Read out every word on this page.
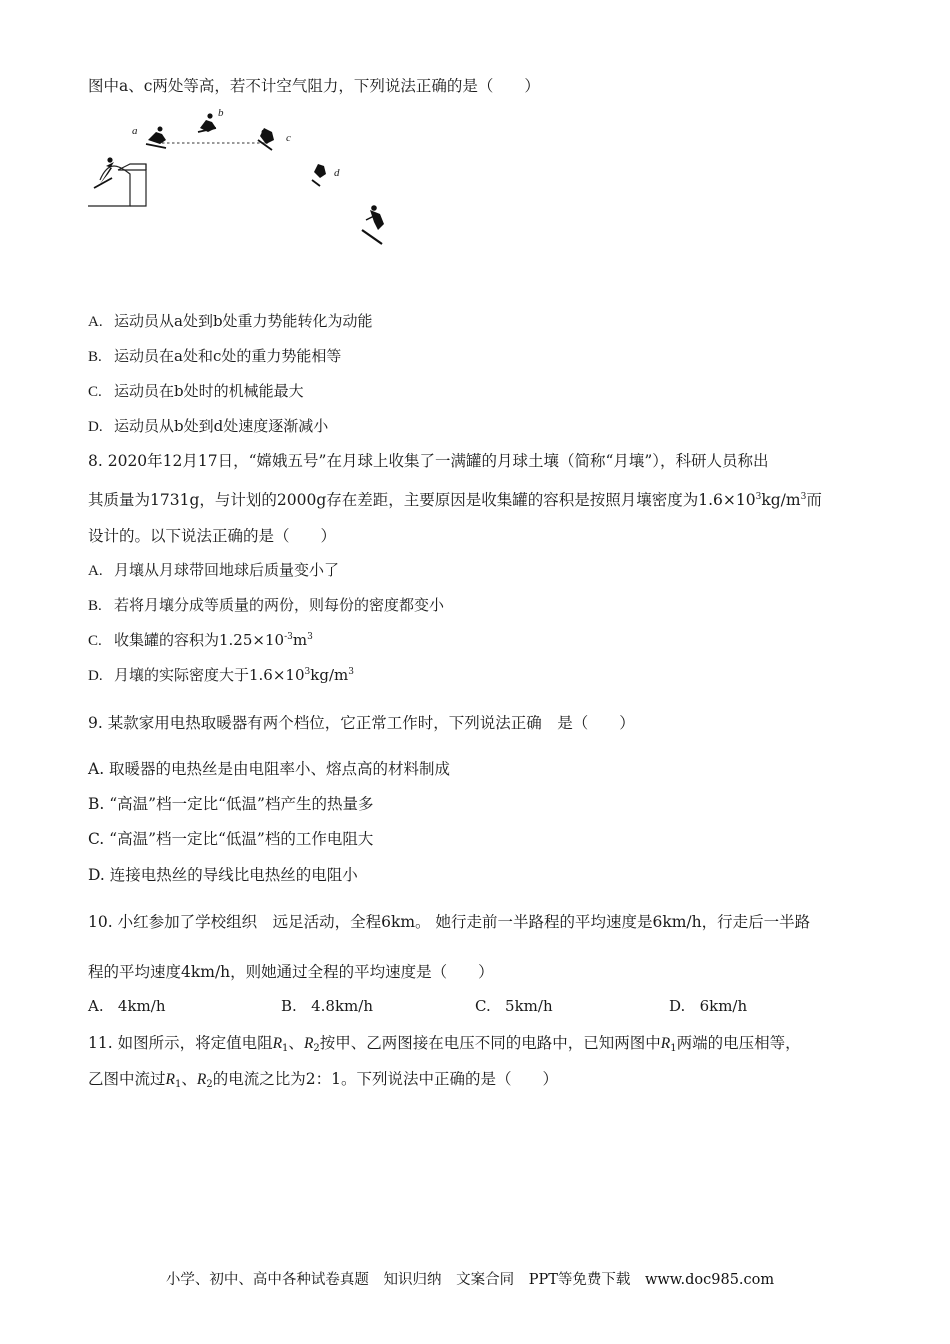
图中a、c两处等高，若不计空气阻力，下列说法正确的是（　　）
a
b
c
d
A. 运动员从a处到b处重力势能转化为动能
B. 运动员在a处和c处的重力势能相等
C. 运动员在b处时的机械能最大
D. 运动员从b处到d处速度逐渐减小
8. 2020年12月17日，“嫦娥五号”在月球上收集了一满罐的月球土壤（简称“月壤”），科研人员称出
其质量为1731g，与计划的2000g存在差距，主要原因是收集罐的容积是按照月壤密度为$1.6\times 10^3kg/m^3$而
设计的。以下说法正确的是（　　）
A. 月壤从月球带回地球后质量变小了
B. 若将月壤分成等质量的两份，则每份的密度都变小
C. 收集罐的容积为$1.25\times 10^{-3}m^3$
D. 月壤的实际密度大于$1.6\times 10^3kg/m^3$
9. 某款家用电热取暖器有两个档位，它正常工作时，下列说法正确　是（　　）
A. 取暖器的电热丝是由电阻率小、熔点高的材料制成
B. “高温”档一定比“低温”档产生的热量多
C. “高温”档一定比“低温”档的工作电阻大
D. 连接电热丝的导线比电热丝的电阻小
10. 小红参加了学校组织　远足活动，全程6km。 她行走前一半路程的平均速度是6km/h，行走后一半路
程的平均速度4km/h，则她通过全程的平均速度是（　　）
A. 4km/h	B. 4.8km/h	C. 5km/h	D. 6km/h
11. 如图所示，将定值电阻$R_1$、$R_2$按甲、乙两图接在电压不同的电路中，已知两图中$R_1$两端的电压相等，
乙图中流过$R_1$、$R_2$的电流之比为2：1。下列说法中正确的是（　　）
小学、初中、高中各种试卷真题 知识归纳 文案合同 PPT等免费下载 www.doc985.com
